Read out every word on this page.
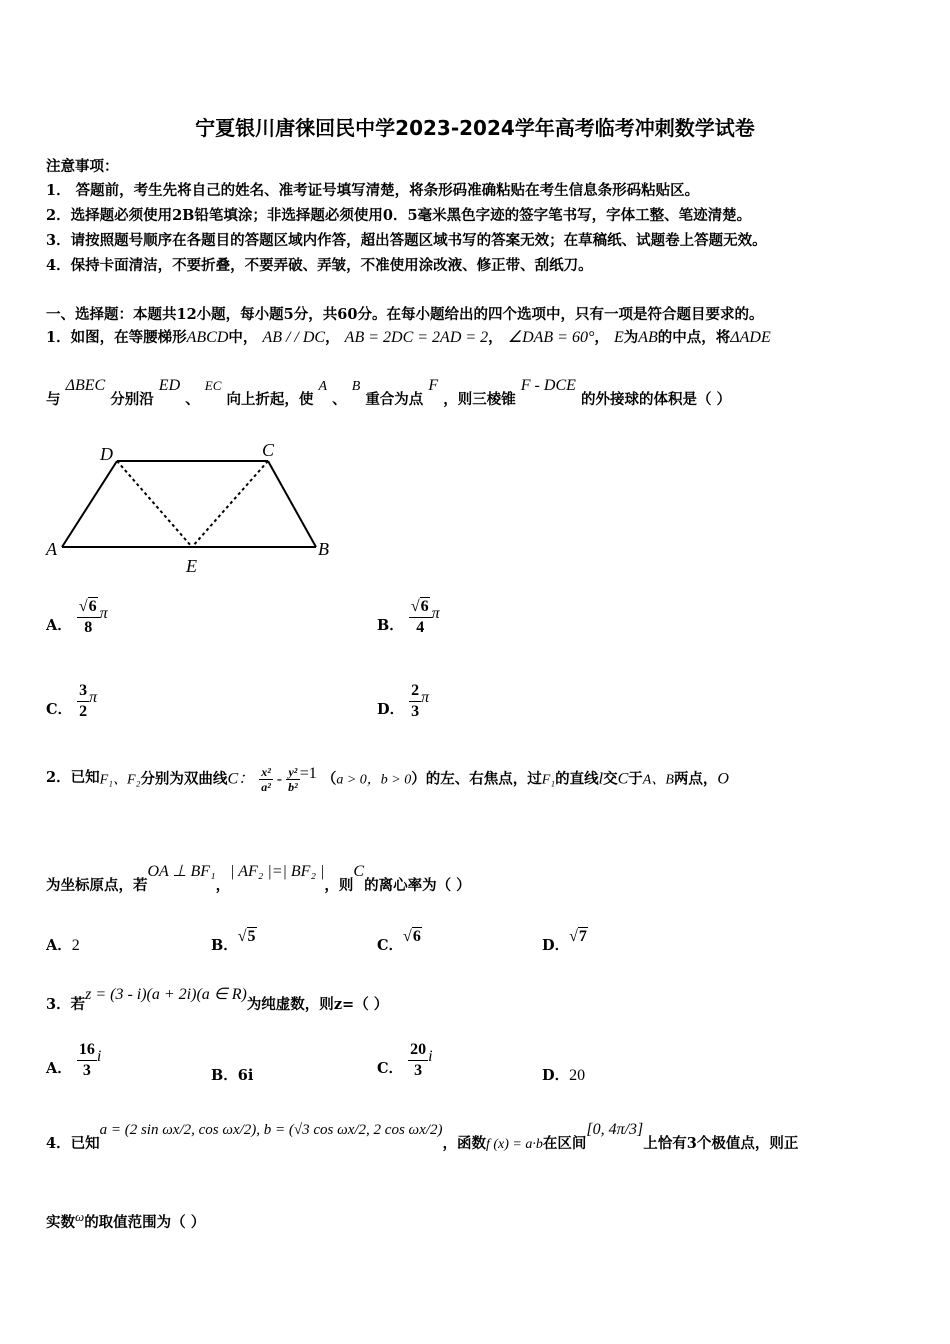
宁夏银川唐徕回民中学2023-2024学年高考临考冲刺数学试卷
注意事项：
1． 答题前，考生先将自己的姓名、准考证号填写清楚，将条形码准确粘贴在考生信息条形码粘贴区。
2．选择题必须使用2B铅笔填涂；非选择题必须使用0．5毫米黑色字迹的签字笔书写，字体工整、笔迹清楚。
3．请按照题号顺序在各题目的答题区域内作答，超出答题区域书写的答案无效；在草稿纸、试题卷上答题无效。
4．保持卡面清洁，不要折叠，不要弄破、弄皱，不准使用涂改液、修正带、刮纸刀。
一、选择题：本题共12小题，每小题5分，共60分。在每小题给出的四个选项中，只有一项是符合题目要求的。
1．如图，在等腰梯形ABCD中， AB / / DC， AB = 2DC = 2AD = 2， ∠DAB = 60°， E为AB的中点，将ΔADE
与 ΔBEC 分别沿 ED 、 EC 向上折起，使 A 、 B 重合为点 F ，则三棱锥 F - DCE 的外接球的体积是（ ）
A	B
C
D
E
A． $\frac{√6}{8}$ π
B． $\frac{√6}{4}$ π
C． $\frac{3}{2}$ π
D． $\frac{2}{3}$ π
2．已知F₁、F₂分别为双曲线C： $\frac{\text{x²}}{\text{a²}} - \frac{\text{y²}}{\text{b²}} =1$ （a > 0，b > 0）的左、右焦点，过F₁的直线l交C于A、B两点，O
为坐标原点，若OA ⊥ BF₁，| AF₂ |=| BF₂ |，则C的离心率为（ ）
A．2	B．√5
C．√6
D．√7
3．若z = (3 - i)(a + 2i)(a ∈ R)为纯虚数，则z=（ ）
A． $\frac{16}{3}$ i
B．6i	C． $\frac{20}{3}$ i
D．20
4．已知a = (2 sin ωx/2, cos ωx/2), b = (√3 cos ωx/2, 2 cos ωx/2)，函数f (x) = a·b在区间[0, 4π/3]上恰有3个极值点，则正
实数ω的取值范围为（ ）
